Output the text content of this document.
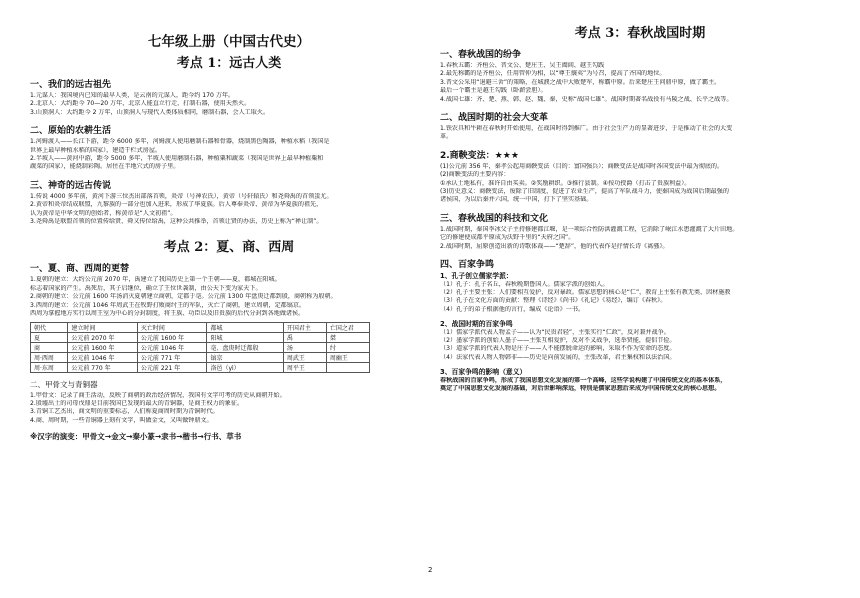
七年级上册（中国古代史）
考点 1：远古人类
一、我们的远古祖先

1.元谋人：我国境内已知的最早人类，是云南的元谋人，距今约 170 万年。

2.北京人：大约距今 70—20 万年，北京人能直立行走，打制石器，使用天然火。

3.山顶洞人：大约距今 2 万年，山顶洞人与现代人类体质相同，磨制石器，会人工取火。

二、原始的农耕生活

1.河姆渡人——长江下游，距今 6000 多年，河姆渡人使用磨制石器和骨器，烧制黑色陶器，种植水稻（我国是

世界上最早种植水稻的国家），建造干栏式房屋。

2.半坡人——黄河中游，距今 5000 多年，半坡人使用磨制石器，种植粟和蔬菜（我国是世界上最早种植粟和

蔬菜的国家），能烧制彩陶。居住在半地穴式的房子里。

三、神奇的远古传说

1.传说 4000 多年前，黄河下游三位杰出部落首领，炎帝（号神农氏），黄帝（号轩辕氏）和尧舜禹的首领蚩尤。

2.黄帝和炎帝结成联盟，九黎族的一部分也加入进来，形成了华夏族。后人尊奉炎帝、黄帝为华夏族的祖先，

认为黄帝是中华文明的创始者，称黄帝是“人文初祖”。

3.尧舜禹是联盟首领的位置传给贤、舜又传位给禹，这种公共推举，首领让贤的办法，历史上称为“禅让制”。

考点 2：夏、商、西周
一、夏、商、西周的更替

1.夏朝的建立：大约公元前 2070 年，禹建立了我国历史上第一个王朝——夏，都城在阳城。

标志着国家的产生。禹死后，其子启继位，确立了王位世袭制，由公天下变为家天下。

2.商朝的建立：公元前 1600 年汤消灭夏朝建立商朝，定都于亳。公元前 1300 年盘庚迁都到殷，商朝称为殷朝。

3.西周的建立：公元前 1046 年周武王在牧野打败商纣王的军队，灭亡了商朝，建立周朝，定都镐京。

西周为掌握地方实行以周王室为中心的分封制度，将王族、功臣以及旧贵族的后代分封到各地做诸侯。

朝代	建立时间	灭亡时间	都城	开国君主	亡国之君
夏	公元前 2070 年	公元前 1600 年	阳城	禹	桀
商	公元前 1600 年	公元前 1046 年	亳、盘庚时迁都殷	汤	纣
周·西周	公元前 1046 年	公元前 771 年	镐京	周武王	周幽王
周·东周	公元前 770 年	公元前 221 年	洛邑（yì）	周平王	
二、甲骨文与青铜器

1.甲骨文：记录了商王活动，反映了商朝的政治经济情况，我国有文字可考的历史从商朝开始。

2.殷墟出土的司母戊鼎是目前我国已发现的最大的青铜器，是商王权力的象征。

3.青铜工艺杰出，商文明的重要标志，人们称夏商周时期为青铜时代。

4.商、周时期，一些青铜器上刻有文字，叫做金文，又叫做钟鼎文。

※汉字的演变：甲骨文→金文→秦小篆→隶书→楷书→行书、草书
考点 3：春秋战国时期
一、春秋战国的纷争

1.春秋五霸：齐桓公、晋文公、楚庄王、吴王阖闾、越王勾践

2.最先称霸的是齐桓公，任用管仲为相，以“尊王攘夷”为号召，提高了齐国的地位。

3.晋文公采用“退避三舍”的策略，在城濮之战中大败楚军，称霸中原。后来楚庄王问鼎中原，做了霸主。

最后一个霸主是越王勾践（卧薪尝胆）。

4.战国七雄：齐、楚、燕、韩、赵、魏、秦，史称“战国七雄”。战国时期著名战役有马陵之战、长平之战等。

二、战国时期的社会大变革

1.铁农具和牛耕在春秋时开始使用，在战国时得到推广。由于社会生产力的显著进步，于是推动了社会的大变

革。

2.商鞅变法：★★★

(1)公元前 356 年，秦孝公起用商鞅变法（目的：富国强兵）；商鞅变法是战国时各国变法中最为彻底的。

(2)商鞅变法的主要内容：

①承认土地私有，准许自由买卖。②奖励耕织。③推行县制。④按功授爵（打击了贵族利益）。

(3)历史意义：商鞅变法，废除了旧制度，促进了农业生产，提高了军队战斗力，使秦国成为战国后期最强的

诸侯国，为以后秦并六国，统一中国，打下了坚实基础。

三、春秋战国的科技和文化

1.战国时期，秦国李冰父子主持修建都江堰，是一项综合性防洪灌溉工程，它消除了岷江水患灌溉了大片田地。

它的修建使成都平原成为沃野千里的“天府之国”。

2.战国时期，屈原创造出新的诗歌体裁——“楚辞”，他的代表作是抒情长诗《离骚》。

四、百家争鸣
1、孔子创立儒家学派：

（1）孔子：孔子名丘，春秋晚期鲁国人。儒家学派的创始人。

（2）孔子主要主张：人们要相互爱护，反对暴政。儒家思想的核心是“仁”，教育上主张有教无类、因材施教

（3）孔子在文化方面的贡献：整理《诗经》《尚书》《礼记》《易经》，编订《春秋》。

（4）孔子的弟子根据他的言行，编成《论语》一书。

2、战国时期的百家争鸣

（1）儒家学派代表人物孟子——认为“民贵君轻”，主张实行“仁政”，反对兼并战争。

（2）墨家学派的创始人墨子——主张互相爱护，反对不义战争，选举贤能，提倡节俭。

（3）道家学派的代表人物是庄子——人不能摆脱命运的影响，采取不作为安命的态度。

（4）法家代表人物人物韩非——历史是向前发展的，主张改革，君主集权和以法治国。

3、百家争鸣的影响（意义）

春秋战国的百家争鸣，形成了我国思想文化发展的第一个高峰，这些学说构建了中国传统文化的基本体系，

奠定了中国思想文化发展的基础，对后世影响深远，特别是儒家思想后来成为中国传统文化的核心思想。

2
